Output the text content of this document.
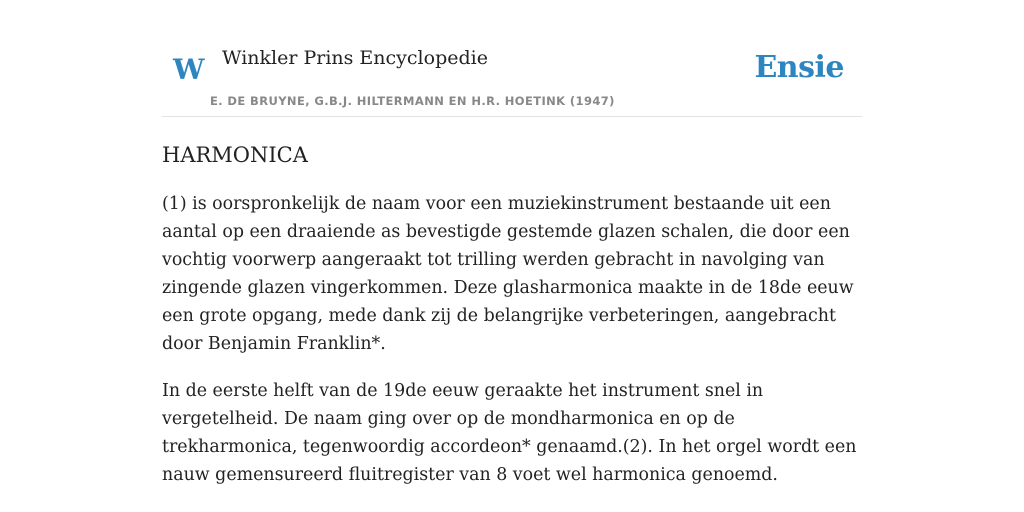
W Winkler Prins Encyclopedie
E. DE BRUYNE, G.B.J. HILTERMANN EN H.R. HOETINK (1947)
Ensie
HARMONICA

(1) is oorspronkelijk de naam voor een muziekinstrument bestaande uit een aantal op een draaiende as bevestigde gestemde glazen schalen, die door een vochtig voorwerp aangeraakt tot trilling werden gebracht in navolging van zingende glazen vingerkommen. Deze glasharmonica maakte in de 18de eeuw een grote opgang, mede dank zij de belangrijke verbeteringen, aangebracht door Benjamin Franklin*.

In de eerste helft van de 19de eeuw geraakte het instrument snel in vergetelheid. De naam ging over op de mondharmonica en op de trekharmonica, tegenwoordig accordeon* genaamd.(2). In het orgel wordt een nauw gemensureerd fluitregister van 8 voet wel harmonica genoemd.
